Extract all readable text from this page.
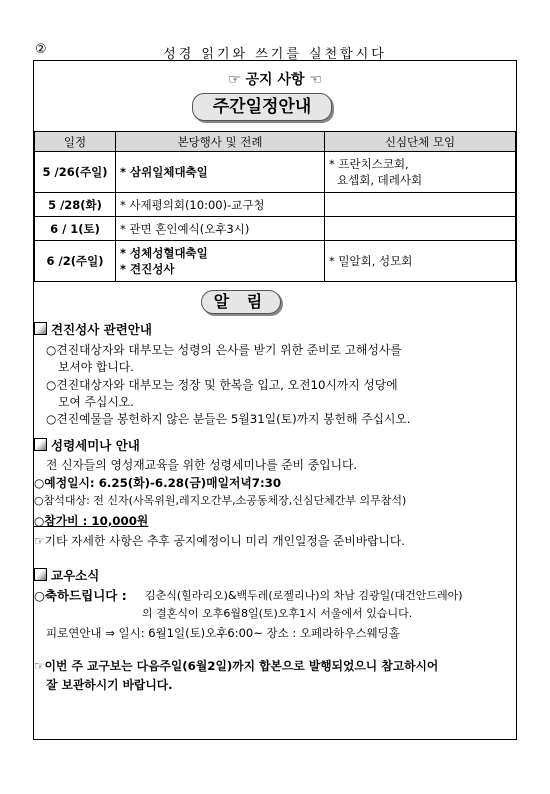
②	성경 읽기와 쓰기를 실천합시다
☞ 공지 사항 ☜
주간일정안내
일정	본당행사 및 전례	신심단체 모임
5 /26(주일)	* 삼위일체대축일	* 프란치스코회,
요셉회, 데레사회

5 /28(화)	* 사제평의회(10:00)-교구청	
6 / 1(토)	* 관면 혼인예식(오후3시)	
6 /2(주일)	* 성체성혈대축일
* 견진성사	* 밀알회, 성모회
알 림
견진성사 관련안내
○견진대상자와 대부모는 성령의 은사를 받기 위한 준비로 고해성사를
보셔야 합니다.
○견진대상자와 대부모는 정장 및 한복을 입고, 오전10시까지 성당에
모여 주십시오.
○견진예물을 봉헌하지 않은 분들은 5월31일(토)까지 봉헌해 주십시오.
성령세미나 안내
전 신자들의 영성재교육을 위한 성령세미나를 준비 중입니다.
○예정일시: 6.25(화)-6.28(금)매일저녁7:30
○참석대상: 전 신자(사목위원,레지오간부,소공동체장,신심단체간부 의무참석)
○참가비 : 10,000원
☞기타 자세한 사항은 추후 공지예정이니 미리 개인일정을 준비바랍니다.
교우소식
○축하드립니다 : 김춘식(힐라리오)&백두레(로젤리나)의 차남 김광일(대건안드레아)
의 결혼식이 오후6월8일(토)오후1시 서울에서 있습니다.
피로연안내 ⇒ 일시: 6월1일(토)오후6:00~ 장소 : 오페라하우스웨딩홀
☞이번 주 교구보는 다음주일(6월2일)까지 합본으로 발행되었으니 참고하시어
잘 보관하시기 바랍니다.
